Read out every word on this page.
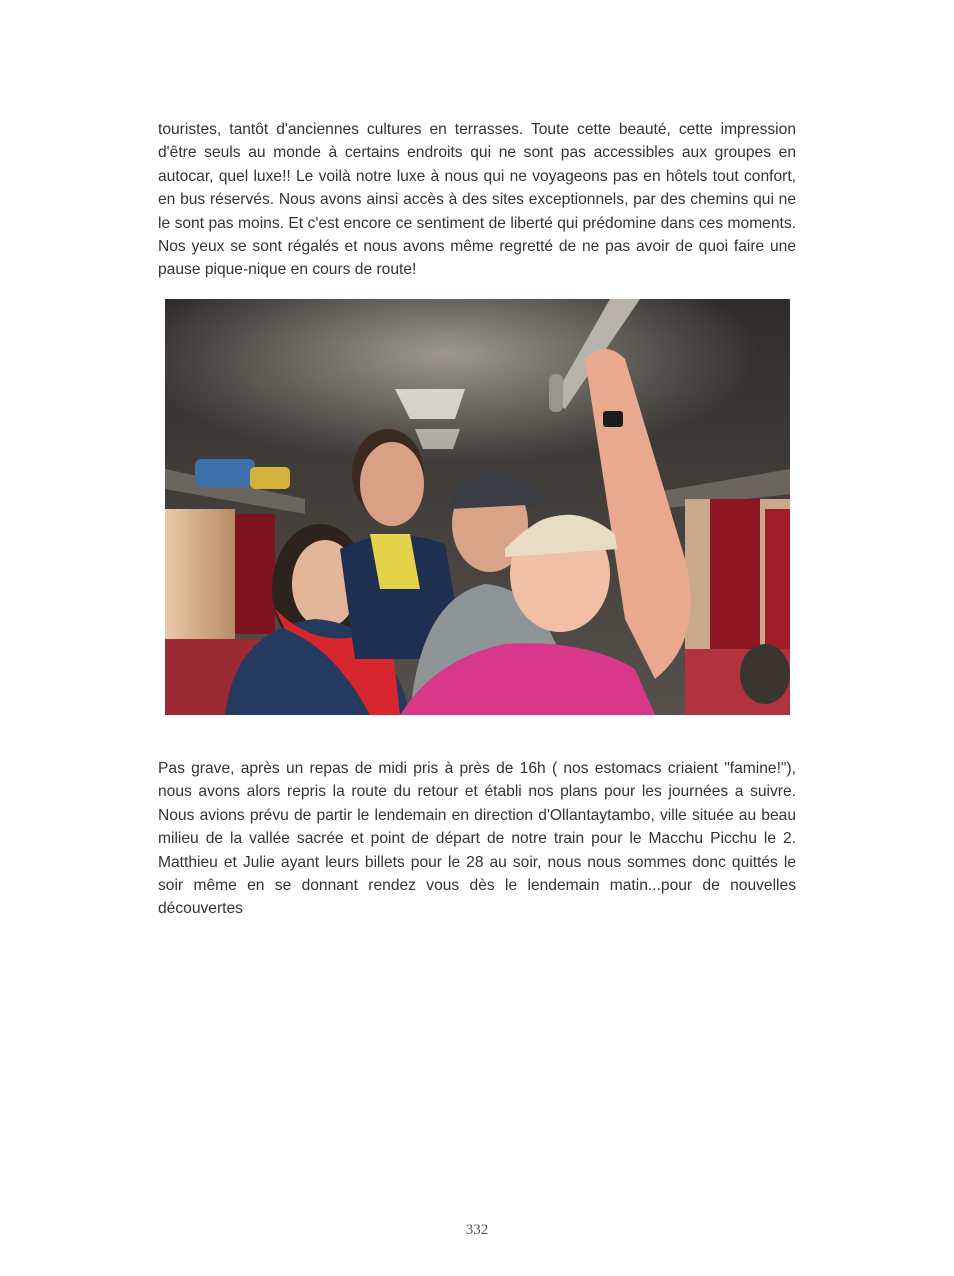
touristes, tantôt d'anciennes cultures en terrasses. Toute cette beauté, cette impression d'être seuls au monde à certains endroits qui ne sont pas accessibles aux groupes en autocar, quel luxe!! Le voilà notre luxe à nous qui ne voyageons pas en hôtels tout confort, en bus réservés. Nous avons ainsi accès à des sites exceptionnels, par des chemins qui ne le sont pas moins. Et c'est encore ce sentiment de liberté qui prédomine dans ces moments. Nos yeux se sont régalés et nous avons même regretté de ne pas avoir de quoi faire une pause pique-nique en cours de route!

Pas grave, après un repas de midi pris à près de 16h ( nos estomacs criaient "famine!"), nous avons alors repris la route du retour et établi nos plans pour les journées a suivre. Nous avions prévu de partir le lendemain en direction d'Ollantaytambo, ville située au beau milieu de la vallée sacrée et point de départ de notre train pour le Macchu Picchu le 2. Matthieu et Julie ayant leurs billets pour le 28 au soir, nous nous sommes donc quittés le soir même en se donnant rendez vous dès le lendemain matin...pour de nouvelles découvertes

332
